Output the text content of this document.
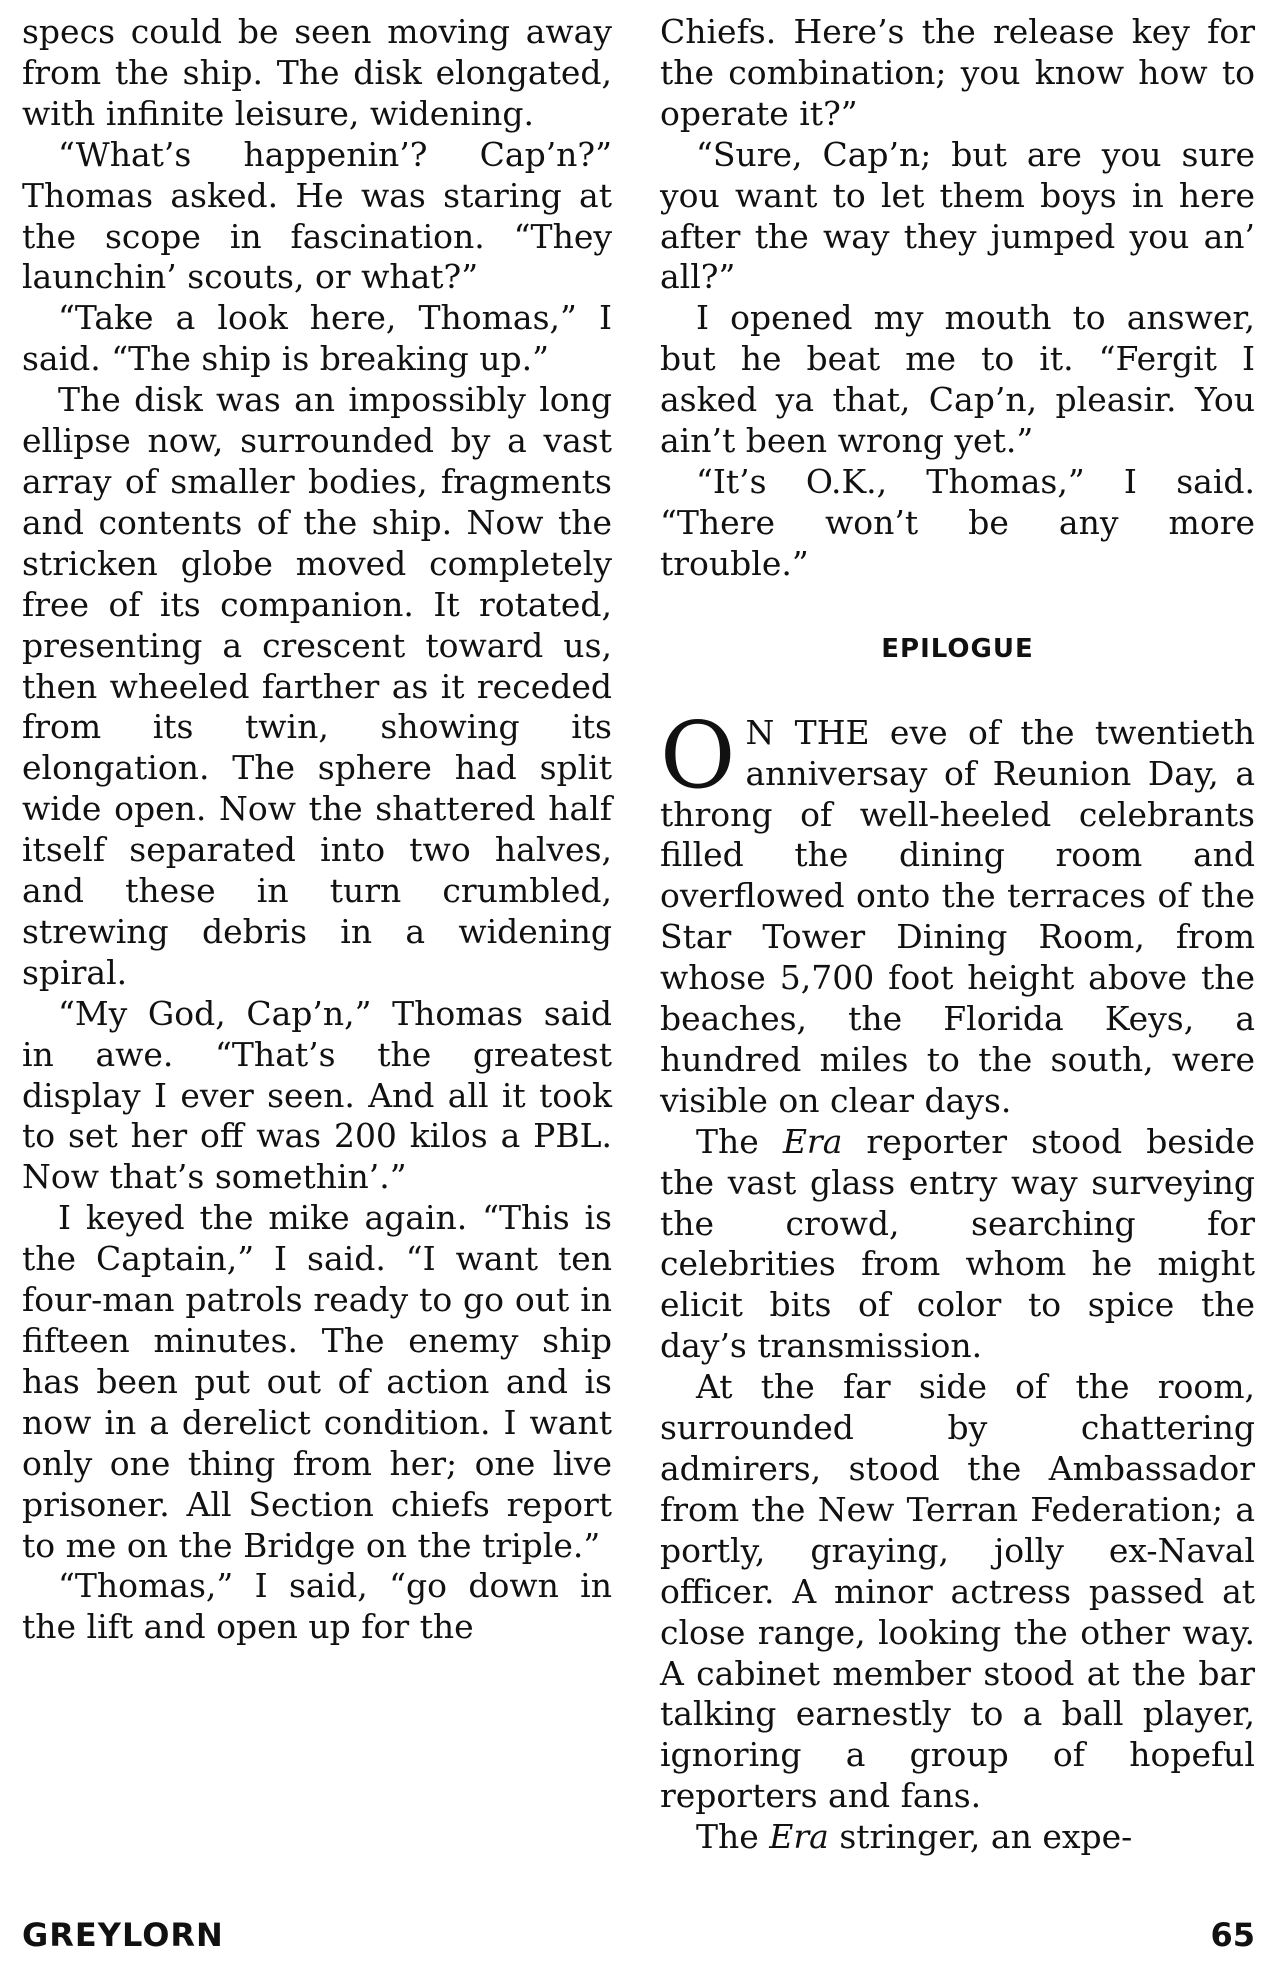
specs could be seen moving away from the ship. The disk elongated, with infinite leisure, widening.

“What’s happenin’? Cap’n?” Thomas asked. He was staring at the scope in fascination. “They launchin’ scouts, or what?”

“Take a look here, Thomas,” I said. “The ship is breaking up.”

The disk was an impossibly long ellipse now, surrounded by a vast array of smaller bodies, fragments and contents of the ship. Now the stricken globe moved completely free of its companion. It rotated, presenting a crescent toward us, then wheeled farther as it receded from its twin, showing its elongation. The sphere had split wide open. Now the shattered half itself separated into two halves, and these in turn crumbled, strewing debris in a widening spiral.

“My God, Cap’n,” Thomas said in awe. “That’s the greatest display I ever seen. And all it took to set her off was 200 kilos a PBL. Now that’s somethin’.”

I keyed the mike again. “This is the Captain,” I said. “I want ten four-man patrols ready to go out in fifteen minutes. The enemy ship has been put out of action and is now in a derelict condition. I want only one thing from her; one live prisoner. All Section chiefs report to me on the Bridge on the triple.”

“Thomas,” I said, “go down in the lift and open up for the

Chiefs. Here’s the release key for the combination; you know how to operate it?”

“Sure, Cap’n; but are you sure you want to let them boys in here after the way they jumped you an’ all?”

I opened my mouth to answer, but he beat me to it. “Fergit I asked ya that, Cap’n, pleasir. You ain’t been wrong yet.”

“It’s O.K., Thomas,” I said. “There won’t be any more trouble.”

EPILOGUE

O N THE eve of the twentieth anniversay of Reunion Day, a throng of well-heeled celebrants filled the dining room and overflowed onto the terraces of the Star Tower Dining Room, from whose 5,700 foot height above the beaches, the Florida Keys, a hundred miles to the south, were visible on clear days.

The Era reporter stood beside the vast glass entry way surveying the crowd, searching for celebrities from whom he might elicit bits of color to spice the day’s transmission.

At the far side of the room, surrounded by chattering admirers, stood the Ambassador from the New Terran Federation; a portly, graying, jolly ex-Naval officer. A minor actress passed at close range, looking the other way. A cabinet member stood at the bar talking earnestly to a ball player, ignoring a group of hopeful reporters and fans.

The Era stringer, an expe-

GREYLORN	65
